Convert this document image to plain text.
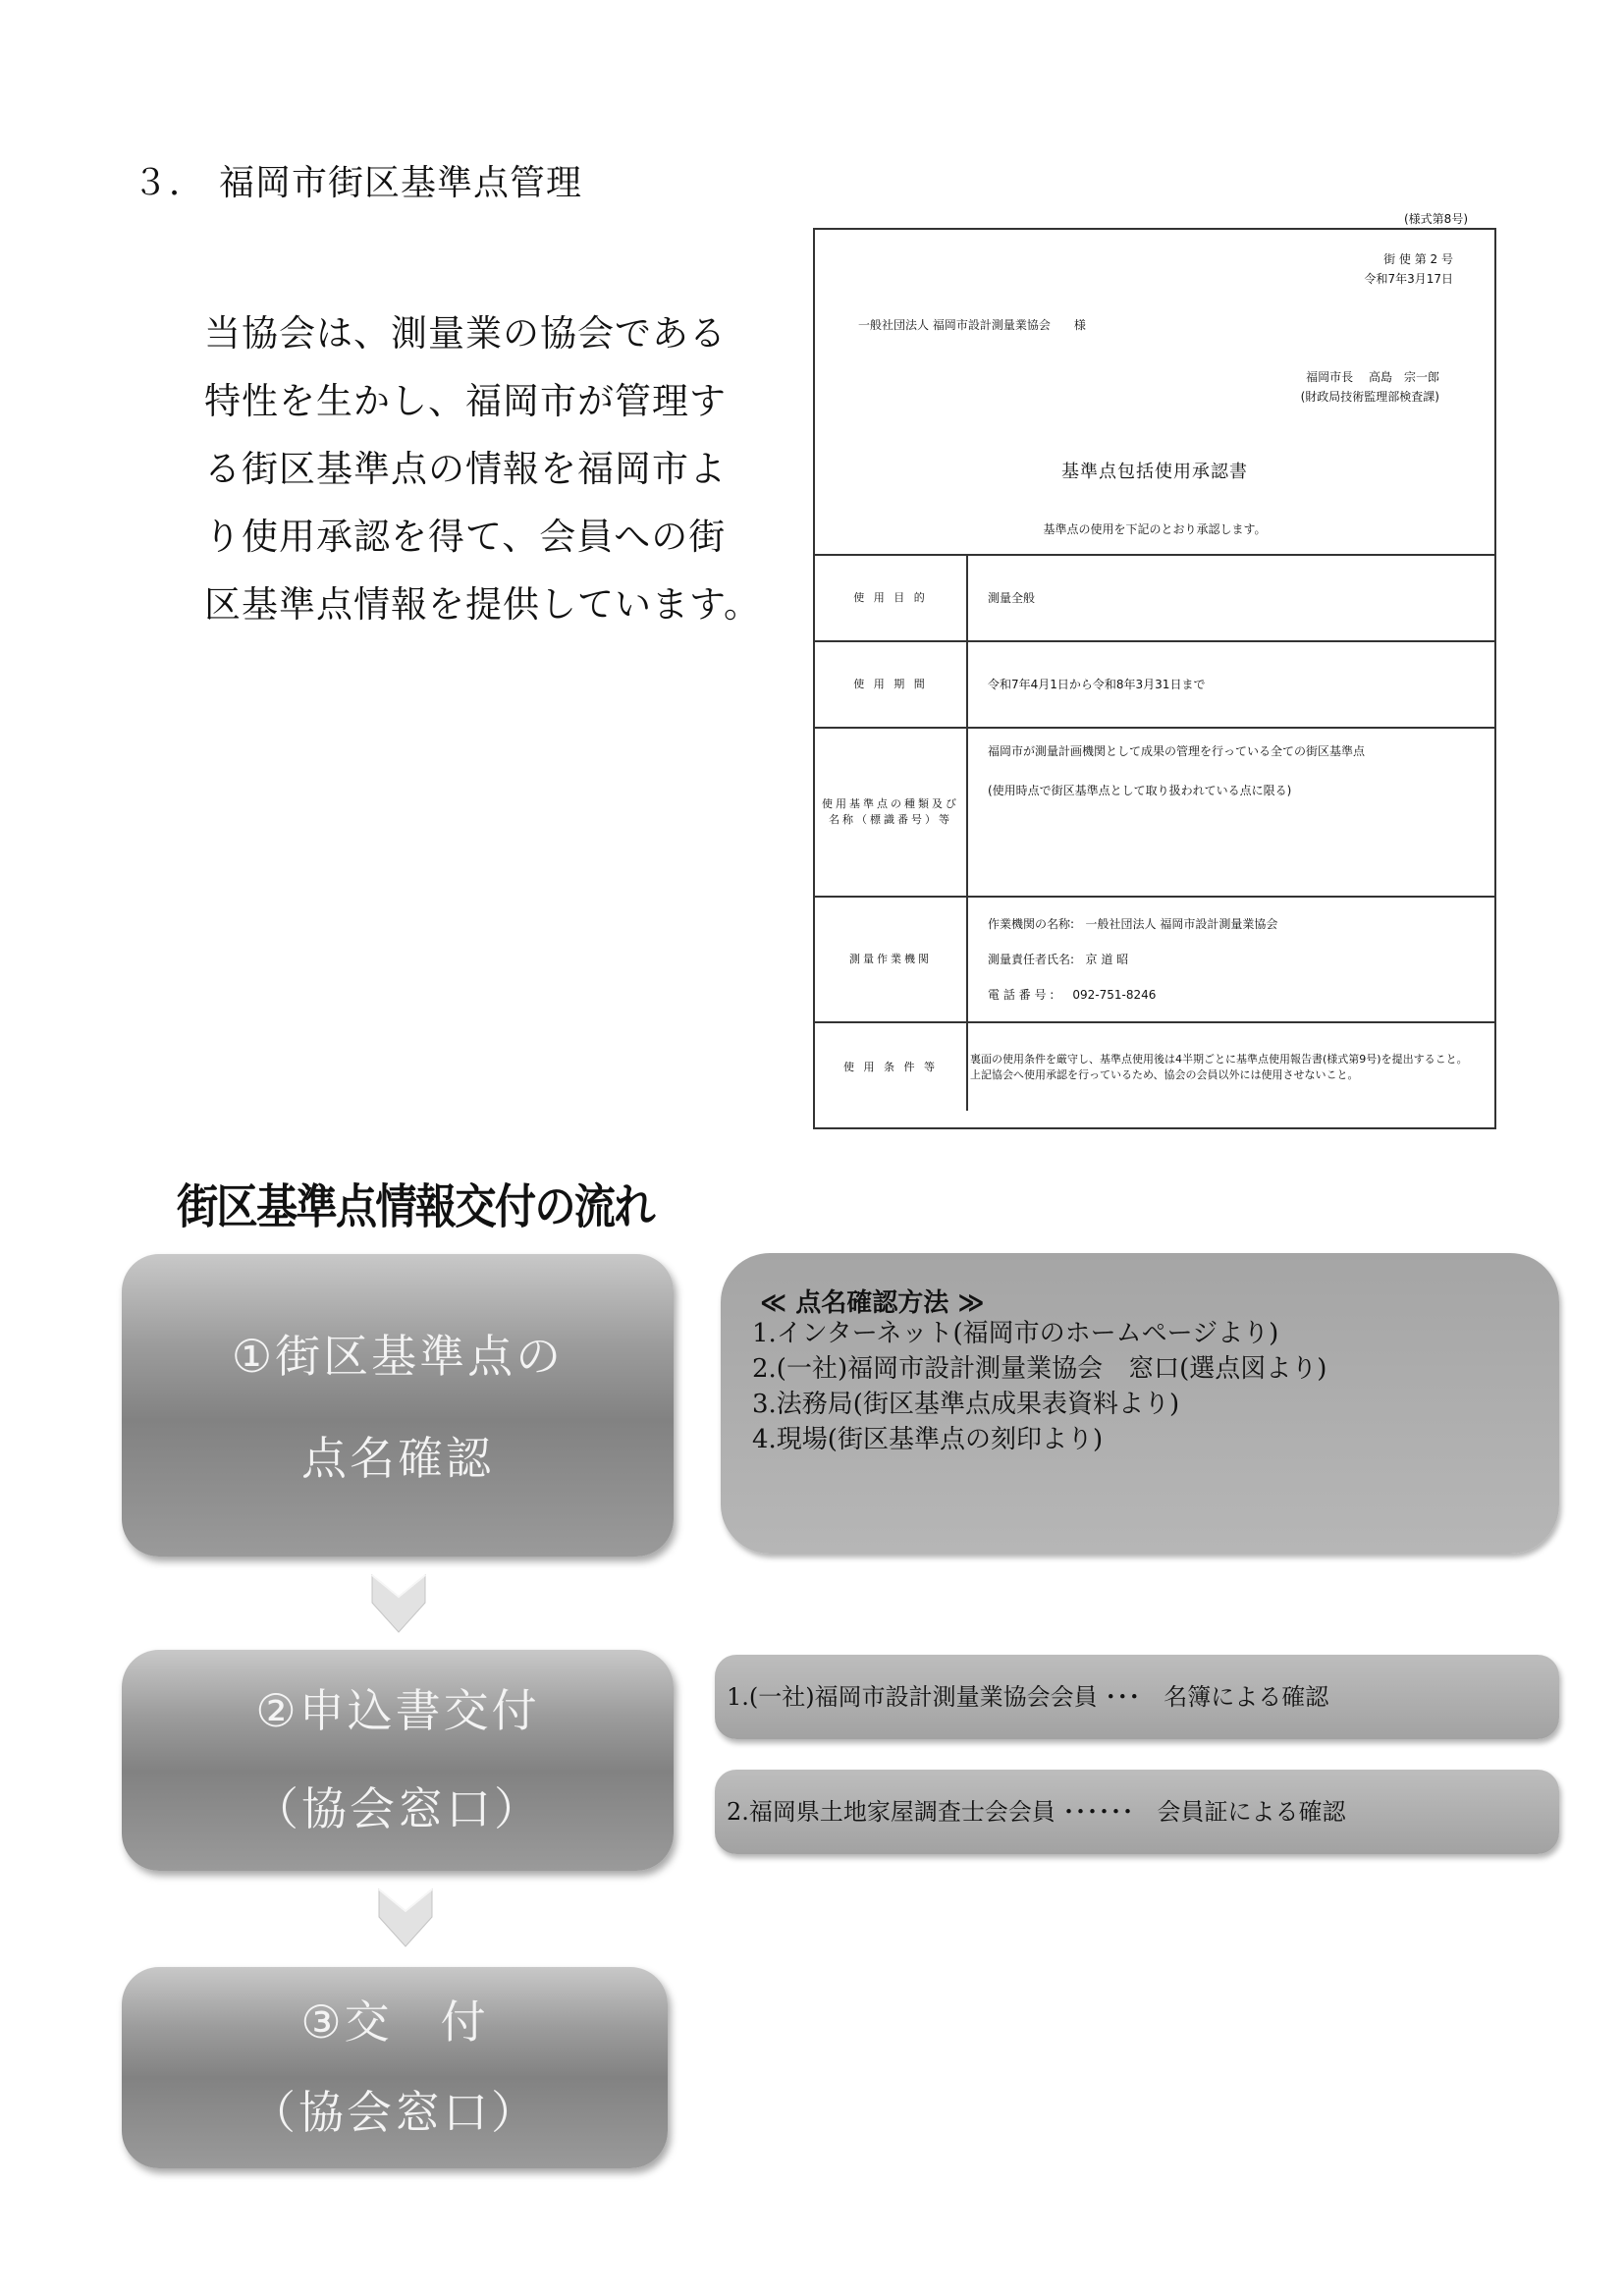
３． 福岡市街区基準点管理
当協会は、測量業の協会である
特性を生かし、福岡市が管理す
る街区基準点の情報を福岡市よ
り使用承認を得て、会員への街
区基準点情報を提供しています。
(様式第8号)
街 使 第 2 号
令和7年3月17日
一般社団法人 福岡市設計測量業協会　　様
福岡市長　 高島　宗一郎
(財政局技術監理部検査課)
基準点包括使用承認書
基準点の使用を下記のとおり承認します。
使 用 目 的	測量全般
使 用 期 間	令和7年4月1日から令和8年3月31日まで
使用基準点の種類及び名称（標識番号）等	福岡市が測量計画機関として成果の管理を行っている全ての街区基準点
(使用時点で街区基準点として取り扱われている点に限る)

測量作業機関	作業機関の名称: 一般社団法人 福岡市設計測量業協会
測量責任者氏名: 京 道 昭
電 話 番 号 : 092-751-8246

使 用 条 件 等	裏面の使用条件を厳守し、基準点使用後は4半期ごとに基準点使用報告書(様式第9号)を提出すること。
上記協会へ使用承認を行っているため、協会の会員以外には使用させないこと。
街区基準点情報交付の流れ
①街区基準点の
点名確認
②申込書交付
（協会窓口）
③交　付
（協会窓口）
≪ 点名確認方法 ≫
1.インターネット(福岡市のホームページより)
2.(一社)福岡市設計測量業協会　窓口(選点図より)
3.法務局(街区基準点成果表資料より)
4.現場(街区基準点の刻印より)
1.(一社)福岡市設計測量業協会会員 ･･･　名簿による確認
2.福岡県土地家屋調査士会会員 ･･････　会員証による確認
